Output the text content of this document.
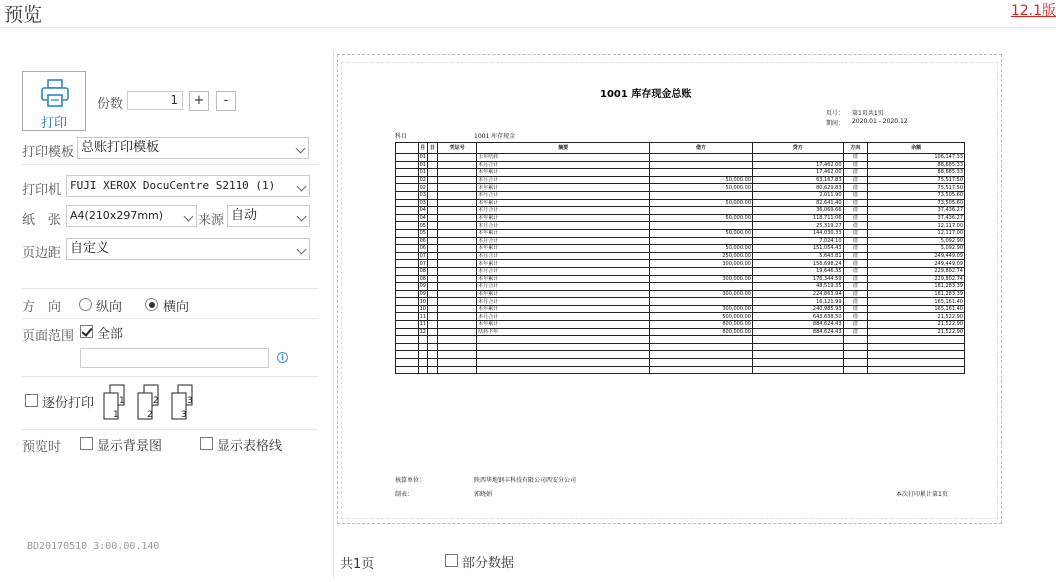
预览	12.1版
打印
份数	1	+	-
打印模板 总账打印模板
打印机 FUJI XEROX DocuCentre S2110 (1)
纸　张 A4(210x297mm)	来源 自动
页边距 自定义
方　向	纵向	横向
页面范围 全部
i
逐份打印	1
1
2
2
3
3
预览时	显示背景图	显示表格线
BD20170510 3:00.00.140
1001 库存现金总账
页号： 第1页共1页
期间： 2020.01 - 2020.12
科目	1001 库存现金
	月	日	凭证号	摘要	借方	贷方	方向	余额
	01			上年结转			借	106,147.33
	01			本月合计		17,462.00	借	88,685.33
	01			本年累计		17,462.00	借	88,685.33
	02			本月合计	50,000.00	63,167.83	借	75,517.50
	02			本年累计	50,000.00	80,629.83	借	75,517.50
	03			本月合计		2,011.90	借	73,505.60
	03			本年累计	50,000.00	82,641.40	借	73,505.60
	04			本月合计		36,069.66	借	37,436.27
	04			本年累计	50,000.00	118,711.06	借	37,436.27
	05			本月合计		25,319.27	借	12,117.00
	05			本年累计	50,000.00	144,030.33	借	12,117.00
	06			本月合计		7,024.10	借	5,092.90
	06			本年累计	50,000.00	151,054.43	借	5,092.90
	07			本月合计	250,000.00	5,643.81	借	249,449.09
	07			本年累计	300,000.00	156,698.24	借	249,449.09
	08			本月合计		19,646.35	借	229,802.74
	08			本年累计	300,000.00	176,344.59	借	229,802.74
	09			本月合计		48,519.35	借	181,283.39
	09			本年累计	300,000.00	224,863.94	借	181,283.39
	10			本月合计		16,121.99	借	165,161.40
	10			本年累计	300,000.00	240,985.93	借	165,161.40
	11			本月合计	500,000.00	643,638.50	借	21,522.90
	11			本年累计	800,000.00	884,624.43	借	21,522.90
	12			结转下年	800,000.00	884,624.43	借	21,522.90

核算单位：	陕西华地钢丰科技有限公司西安分公司
制表：	郭晓娟	本次打印累计第1页
共1页	部分数据
